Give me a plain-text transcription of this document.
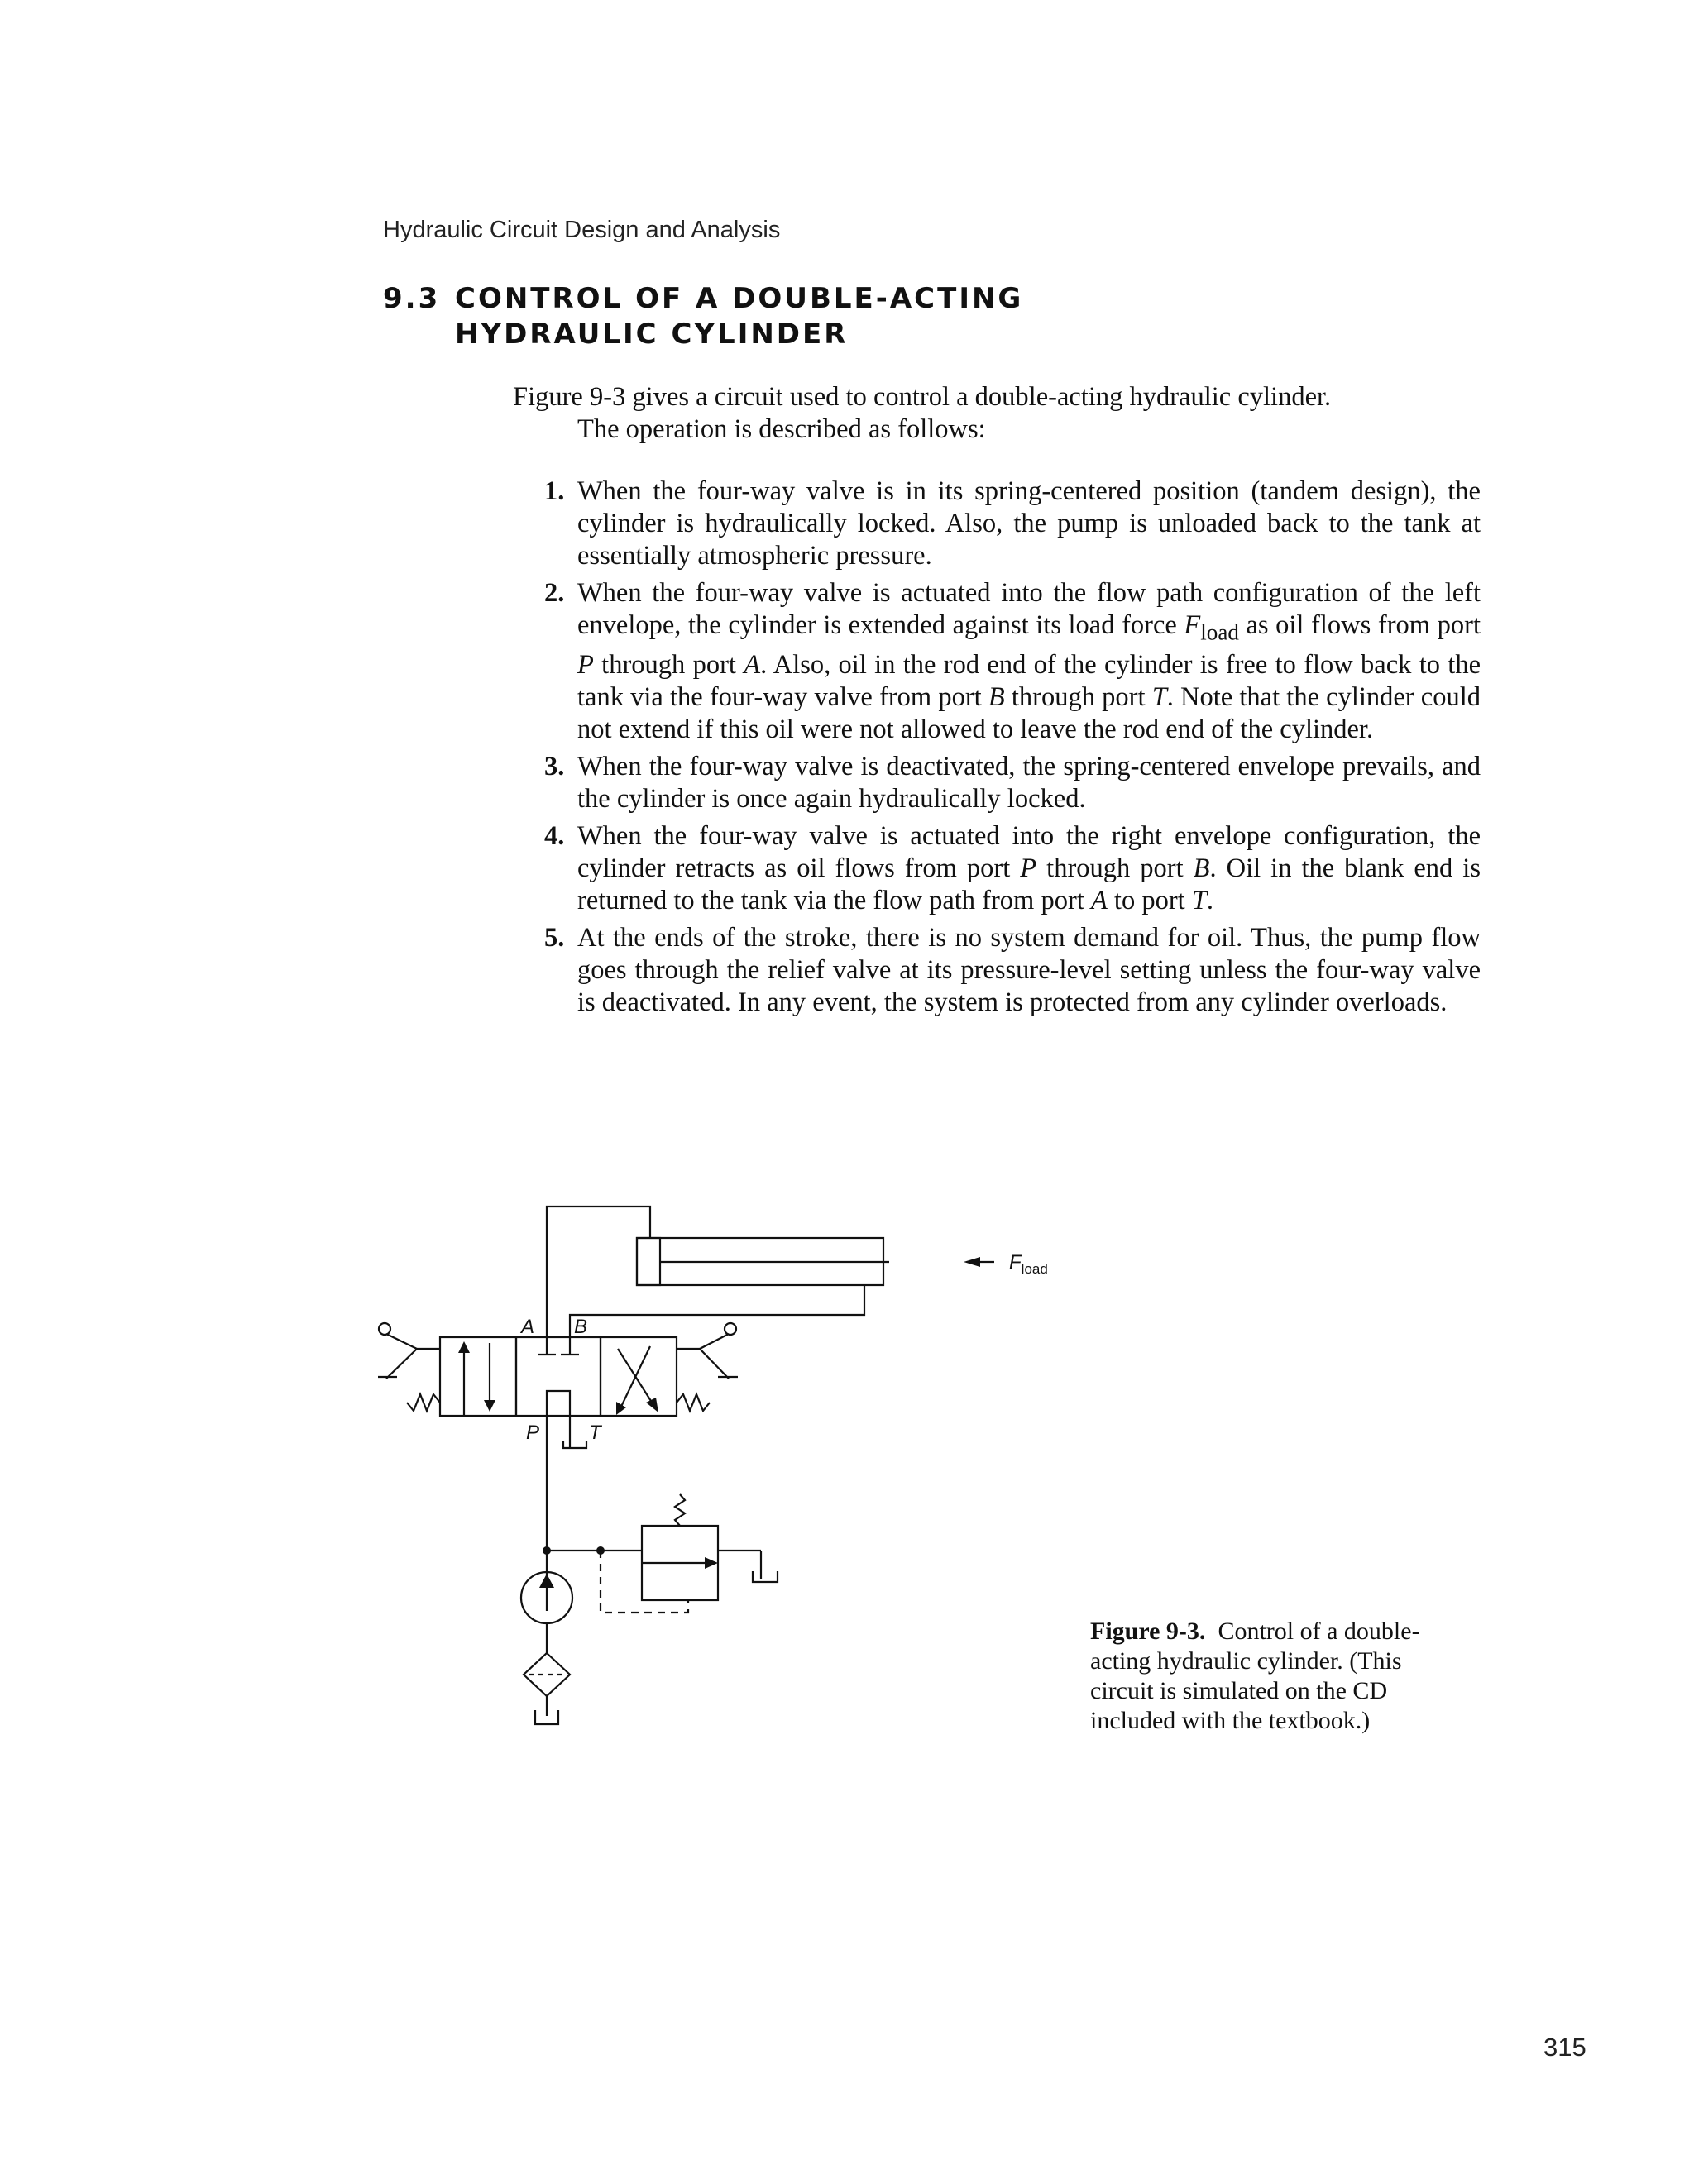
Hydraulic Circuit Design and Analysis
9.3 CONTROL OF A DOUBLE-ACTING
HYDRAULIC CYLINDER
Figure 9-3 gives a circuit used to control a double-acting hydraulic cylinder.
The operation is described as follows:
1. When the four-way valve is in its spring-centered position (tandem design), the cylinder is hydraulically locked. Also, the pump is unloaded back to the tank at essentially atmospheric pressure.
2. When the four-way valve is actuated into the flow path configuration of the left envelope, the cylinder is extended against its load force $F_{load}$ as oil flows from port P through port A. Also, oil in the rod end of the cylinder is free to flow back to the tank via the four-way valve from port B through port T. Note that the cylinder could not extend if this oil were not allowed to leave the rod end of the cylinder.
3. When the four-way valve is deactivated, the spring-centered envelope prevails, and the cylinder is once again hydraulically locked.
4. When the four-way valve is actuated into the right envelope configuration, the cylinder retracts as oil flows from port P through port B. Oil in the blank end is returned to the tank via the flow path from port A to port T.
5. At the ends of the stroke, there is no system demand for oil. Thus, the pump flow goes through the relief valve at its pressure-level setting unless the four-way valve is deactivated. In any event, the system is protected from any cylinder overloads.
A B
P T
$F_{load}$
Figure 9-3. Control of a double-acting hydraulic cylinder. (This circuit is simulated on the CD included with the textbook.)
315
